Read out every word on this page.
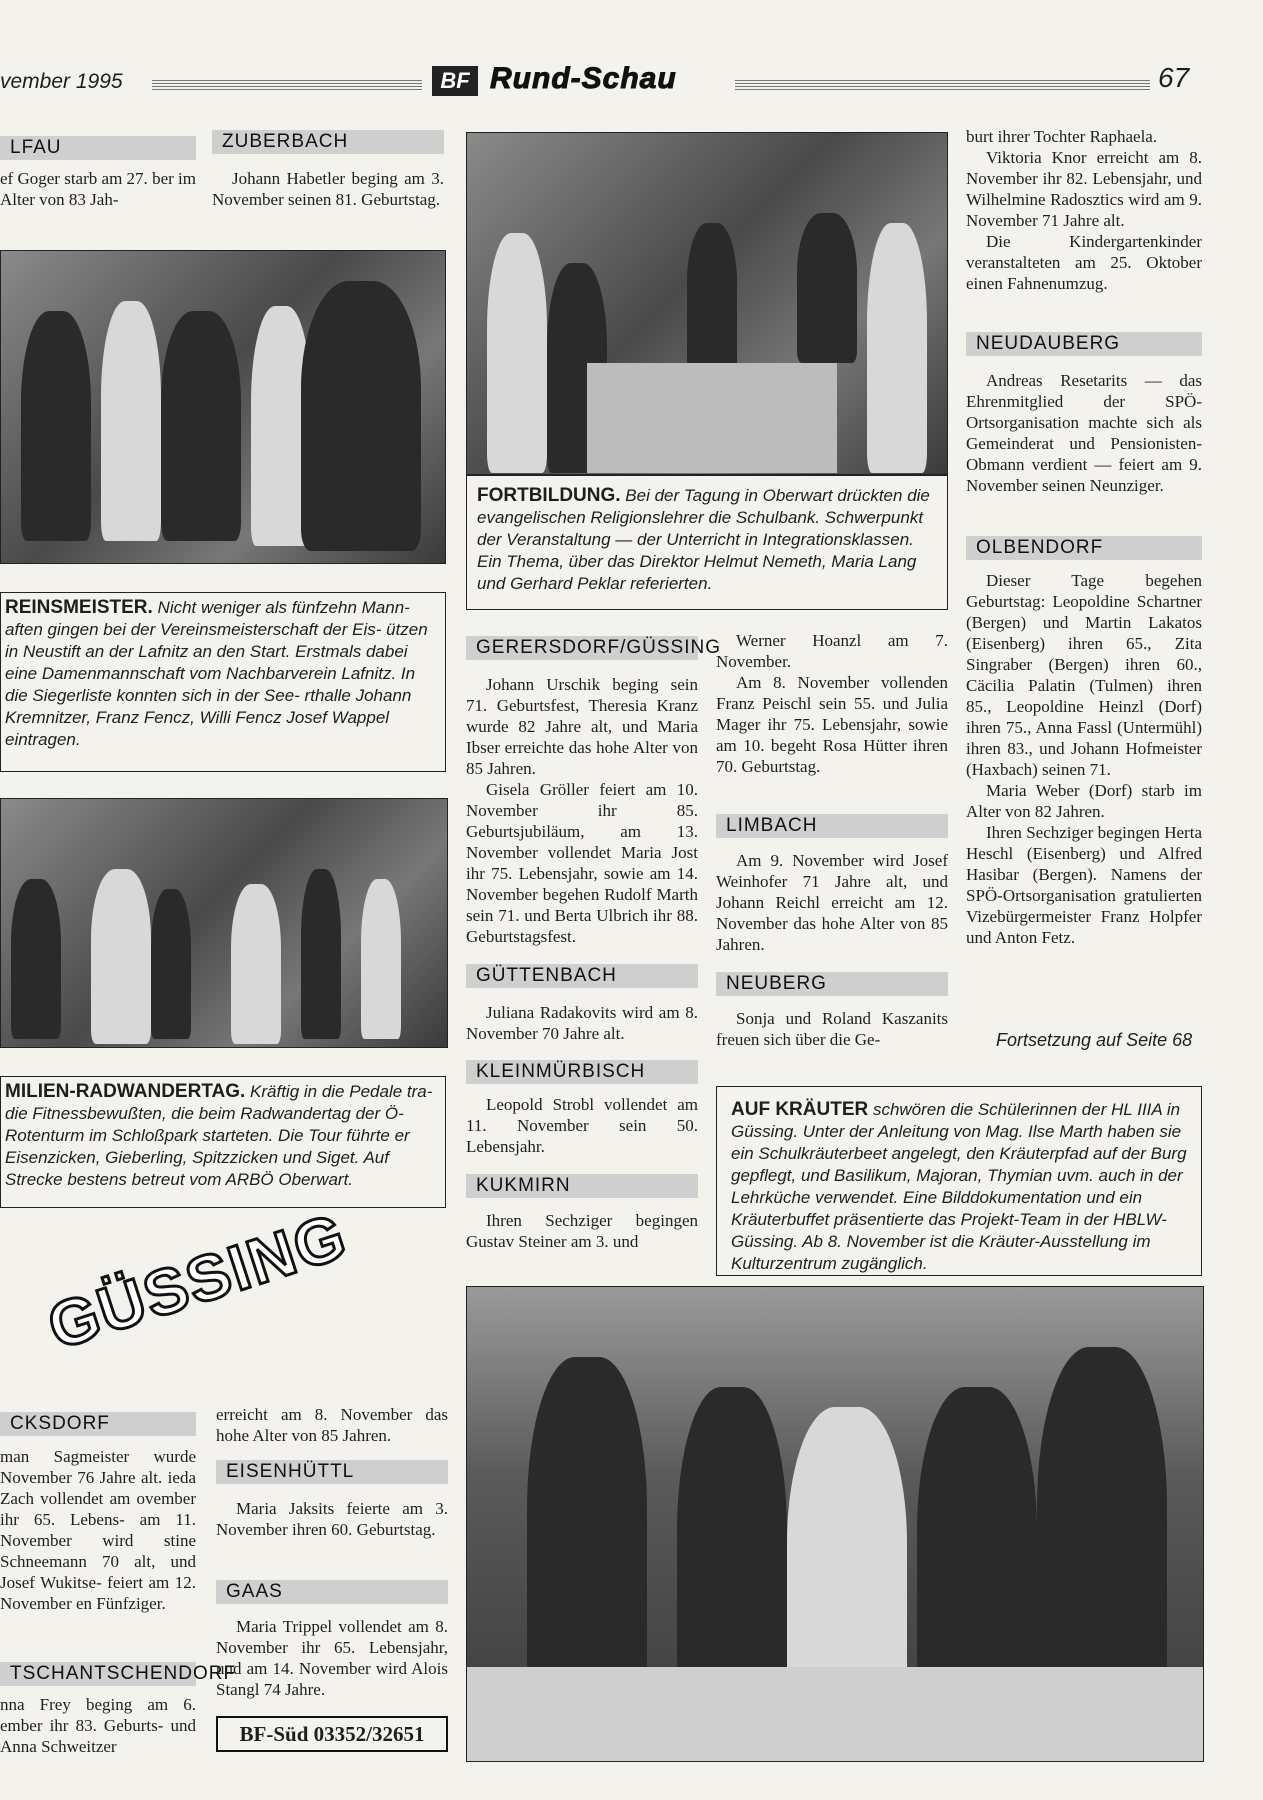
vember 1995	BF Rund-Schau	67
LFAU
ef Goger starb am 27. ber im Alter von 83 Jah-
ZUBERBACH

Johann Habetler beging am 3. November seinen 81. Geburtstag.

REINSMEISTER. Nicht weniger als fünfzehn Mann- aften gingen bei der Vereinsmeisterschaft der Eis- ützen in Neustift an der Lafnitz an den Start. Erstmals dabei eine Damenmannschaft vom Nachbarverein Lafnitz. In die Siegerliste konnten sich in der See- rthalle Johann Kremnitzer, Franz Fencz, Willi Fencz Josef Wappel eintragen.
MILIEN-RADWANDERTAG. Kräftig in die Pedale tra- die Fitnessbewußten, die beim Radwandertag der Ö-Rotenturm im Schloßpark starteten. Die Tour führte er Eisenzicken, Gieberling, Spitzzicken und Siget. Auf Strecke bestens betreut vom ARBÖ Oberwart.
GÜSSING
CKSDORF
man Sagmeister wurde November 76 Jahre alt. ieda Zach vollendet am ovember ihr 65. Lebens- am 11. November wird stine Schneemann 70 alt, und Josef Wukitse- feiert am 12. November en Fünfziger.
TSCHANTSCHENDORF
nna Frey beging am 6. ember ihr 83. Geburts- und Anna Schweitzer
erreicht am 8. November das hohe Alter von 85 Jahren.
EISENHÜTTL

Maria Jaksits feierte am 3. November ihren 60. Geburtstag.

GAAS

Maria Trippel vollendet am 8. November ihr 65. Lebensjahr, und am 14. November wird Alois Stangl 74 Jahre.

BF-Süd 03352/32651
FORTBILDUNG. Bei der Tagung in Oberwart drückten die evangelischen Religionslehrer die Schulbank. Schwerpunkt der Veranstaltung — der Unterricht in Integrationsklassen. Ein Thema, über das Direktor Helmut Nemeth, Maria Lang und Gerhard Peklar referierten.
GERERSDORF/GÜSSING

Johann Urschik beging sein 71. Geburtsfest, Theresia Kranz wurde 82 Jahre alt, und Maria Ibser erreichte das hohe Alter von 85 Jahren.

Gisela Gröller feiert am 10. November ihr 85. Geburtsjubiläum, am 13. November vollendet Maria Jost ihr 75. Lebensjahr, sowie am 14. November begehen Rudolf Marth sein 71. und Berta Ulbrich ihr 88. Geburtstagsfest.

GÜTTENBACH

Juliana Radakovits wird am 8. November 70 Jahre alt.

KLEINMÜRBISCH

Leopold Strobl vollendet am 11. November sein 50. Lebensjahr.

KUKMIRN

Ihren Sechziger begingen Gustav Steiner am 3. und

Werner Hoanzl am 7. November.

Am 8. November vollenden Franz Peischl sein 55. und Julia Mager ihr 75. Lebensjahr, sowie am 10. begeht Rosa Hütter ihren 70. Geburtstag.

LIMBACH

Am 9. November wird Josef Weinhofer 71 Jahre alt, und Johann Reichl erreicht am 12. November das hohe Alter von 85 Jahren.

NEUBERG

Sonja und Roland Kaszanits freuen sich über die Ge-

burt ihrer Tochter Raphaela.

Viktoria Knor erreicht am 8. November ihr 82. Lebensjahr, und Wilhelmine Radosztics wird am 9. November 71 Jahre alt.

Die Kindergartenkinder veranstalteten am 25. Oktober einen Fahnenumzug.

NEUDAUBERG

Andreas Resetarits — das Ehrenmitglied der SPÖ-Ortsorganisation machte sich als Gemeinderat und Pensionisten-Obmann verdient — feiert am 9. November seinen Neunziger.

OLBENDORF

Dieser Tage begehen Geburtstag: Leopoldine Schartner (Bergen) und Martin Lakatos (Eisenberg) ihren 65., Zita Singraber (Bergen) ihren 60., Cäcilia Palatin (Tulmen) ihren 85., Leopoldine Heinzl (Dorf) ihren 75., Anna Fassl (Untermühl) ihren 83., und Johann Hofmeister (Haxbach) seinen 71.

Maria Weber (Dorf) starb im Alter von 82 Jahren.

Ihren Sechziger begingen Herta Heschl (Eisenberg) und Alfred Hasibar (Bergen). Namens der SPÖ-Ortsorganisation gratulierten Vizebürgermeister Franz Holpfer und Anton Fetz.

Fortsetzung auf Seite 68
AUF KRÄUTER schwören die Schülerinnen der HL IIIA in Güssing. Unter der Anleitung von Mag. Ilse Marth haben sie ein Schulkräuterbeet angelegt, den Kräuterpfad auf der Burg gepflegt, und Basilikum, Majoran, Thymian uvm. auch in der Lehrküche verwendet. Eine Bilddokumentation und ein Kräuterbuffet präsentierte das Projekt-Team in der HBLW-Güssing. Ab 8. November ist die Kräuter-Ausstellung im Kulturzentrum zugänglich.
